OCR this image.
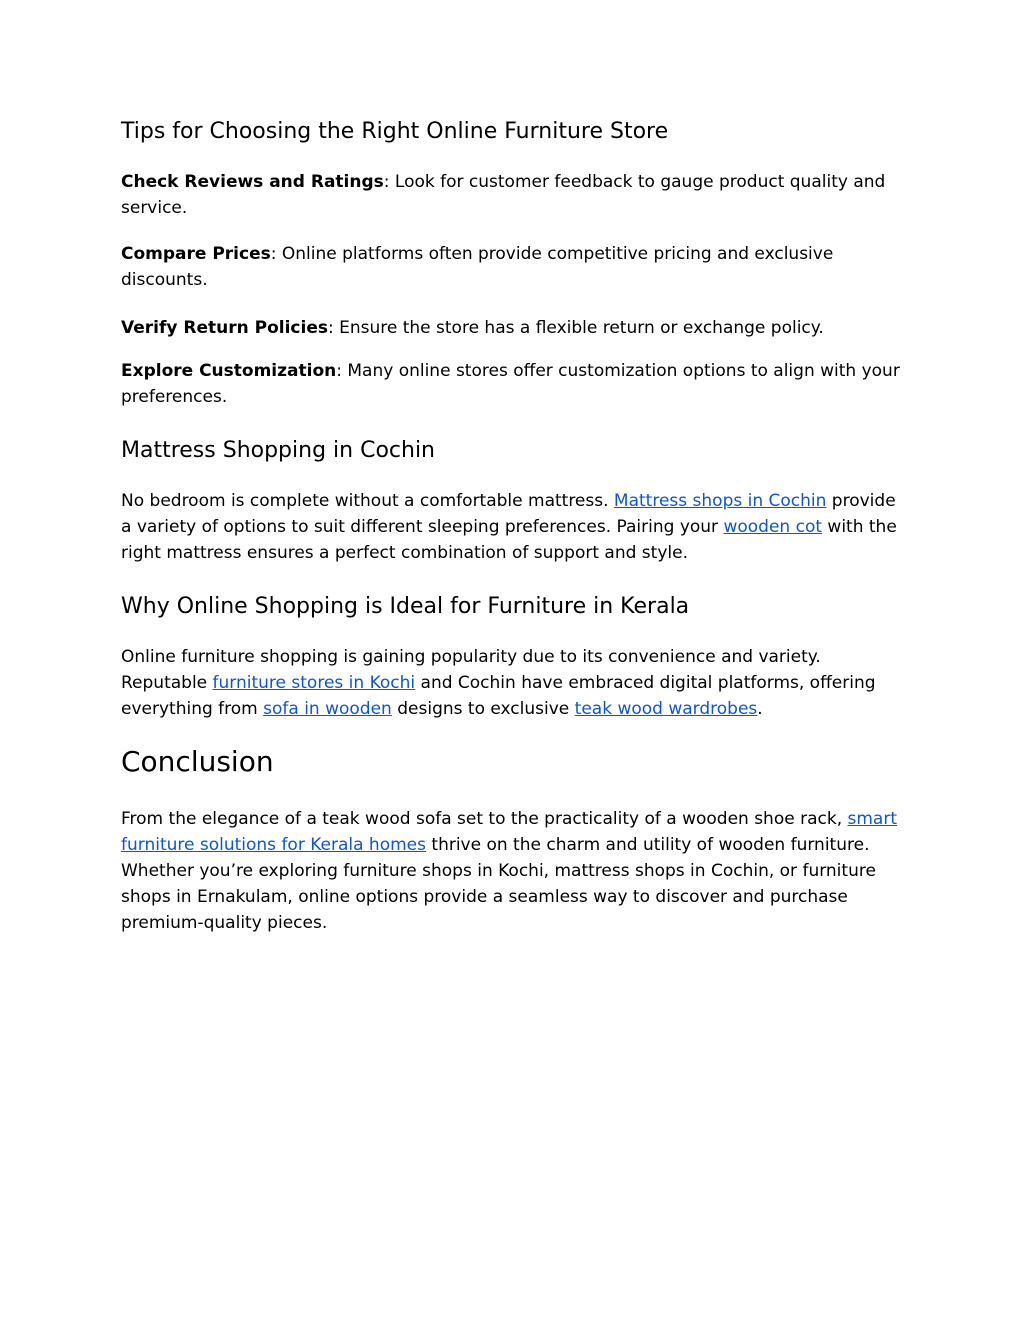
Tips for Choosing the Right Online Furniture Store

Check Reviews and Ratings: Look for customer feedback to gauge product quality and service.

Compare Prices: Online platforms often provide competitive pricing and exclusive discounts.

Verify Return Policies: Ensure the store has a flexible return or exchange policy.

Explore Customization: Many online stores offer customization options to align with your preferences.

Mattress Shopping in Cochin

No bedroom is complete without a comfortable mattress. Mattress shops in Cochin provide a variety of options to suit different sleeping preferences. Pairing your wooden cot with the right mattress ensures a perfect combination of support and style.

Why Online Shopping is Ideal for Furniture in Kerala

Online furniture shopping is gaining popularity due to its convenience and variety. Reputable furniture stores in Kochi and Cochin have embraced digital platforms, offering everything from sofa in wooden designs to exclusive teak wood wardrobes.

Conclusion

From the elegance of a teak wood sofa set to the practicality of a wooden shoe rack, smart furniture solutions for Kerala homes thrive on the charm and utility of wooden furniture. Whether you’re exploring furniture shops in Kochi, mattress shops in Cochin, or furniture shops in Ernakulam, online options provide a seamless way to discover and purchase premium-quality pieces.
